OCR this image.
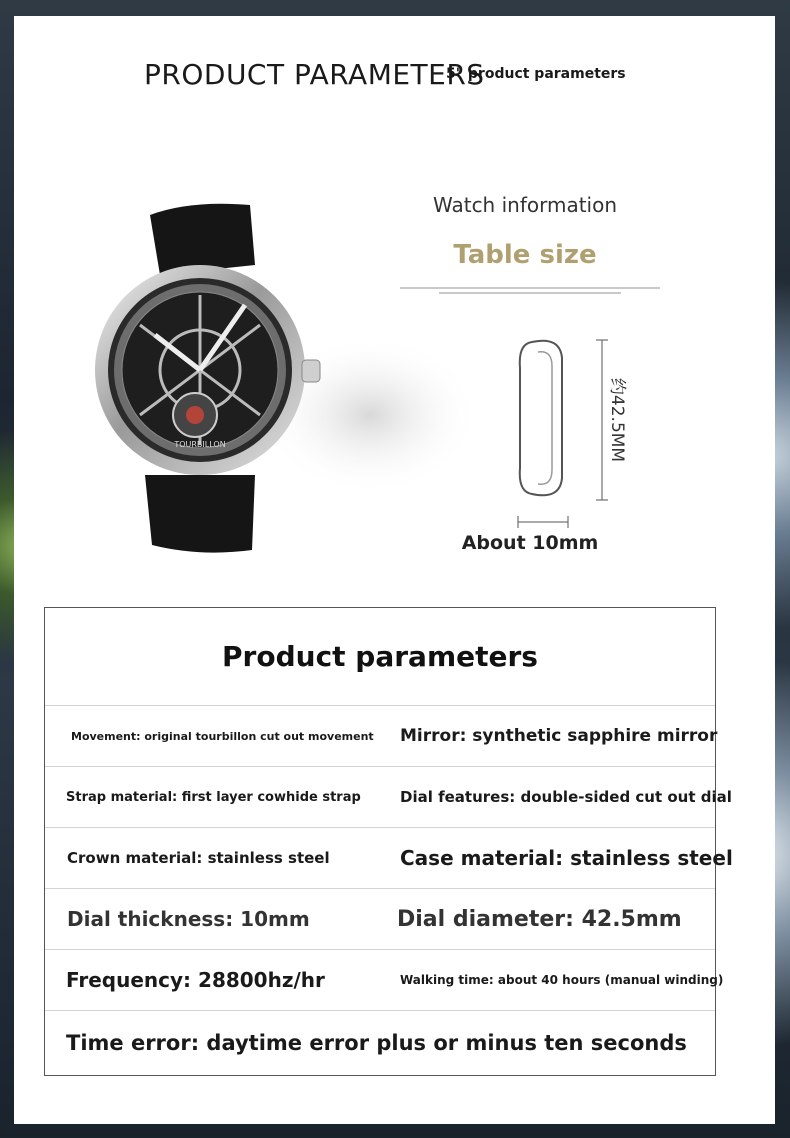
PRODUCT PARAMETERS
5" product parameters
TOURBILLON
Watch information
Table size
约42.5MM
About 10mm
Product parameters
Movement: original tourbillon cut out movement Mirror: synthetic sapphire mirror
Strap material: first layer cowhide strap	Dial features: double-sided cut out dial
Crown material: stainless steel	Case material: stainless steel
Dial thickness: 10mm	Dial diameter: 42.5mm
Frequency: 28800hz/hr	Walking time: about 40 hours (manual winding)
Time error: daytime error plus or minus ten seconds
